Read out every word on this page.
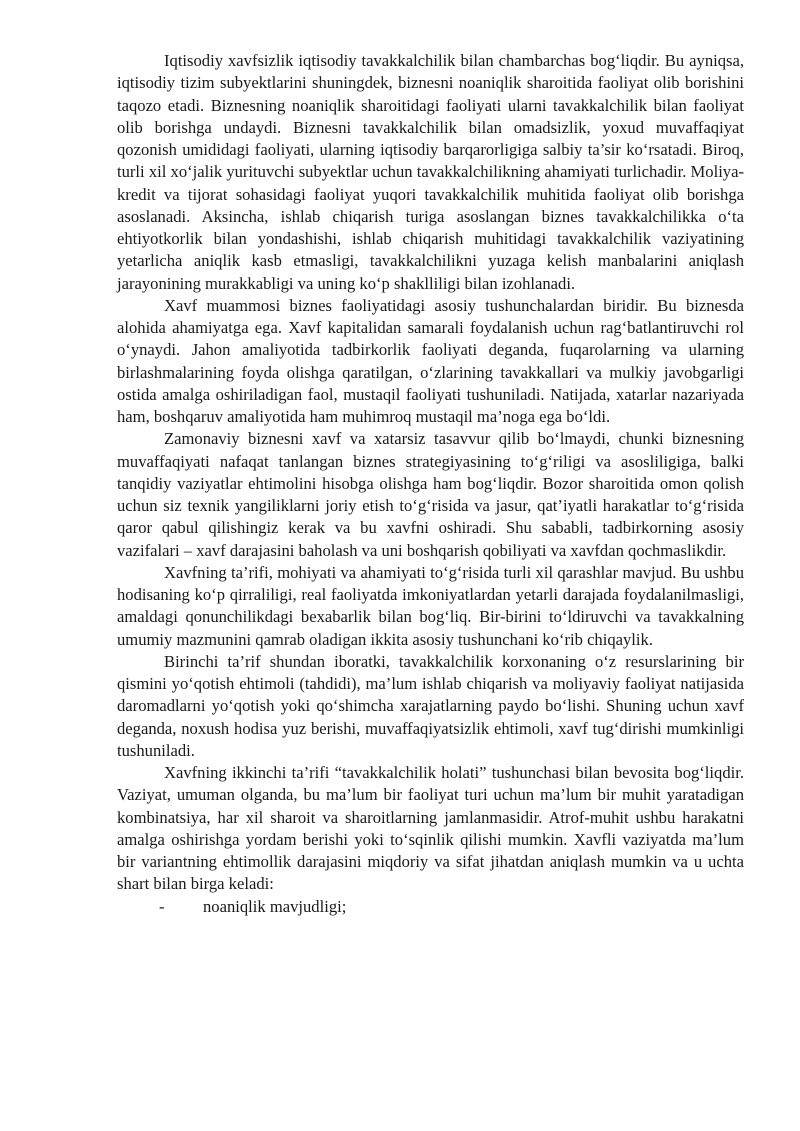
Iqtisodiy xavfsizlik iqtisodiy tavakkalchilik bilan chambarchas bog‘liqdir. Bu ayniqsa, iqtisodiy tizim subyektlarini shuningdek, biznesni noaniqlik sharoitida faoliyat olib borishini taqozo etadi. Biznesning noaniqlik sharoitidagi faoliyati ularni tavakkalchilik bilan faoliyat olib borishga undaydi. Biznesni tavakkalchilik bilan omadsizlik, yoxud muvaffaqiyat qozonish umididagi faoliyati, ularning iqtisodiy barqarorligiga salbiy ta’sir ko‘rsatadi. Biroq, turli xil xo‘jalik yurituvchi subyektlar uchun tavakkalchilikning ahamiyati turlichadir. Moliya-kredit va tijorat sohasidagi faoliyat yuqori tavakkalchilik muhitida faoliyat olib borishga asoslanadi. Aksincha, ishlab chiqarish turiga asoslangan biznes tavakkalchilikka o‘ta ehtiyotkorlik bilan yondashishi, ishlab chiqarish muhitidagi tavakkalchilik vaziyatining yetarlicha aniqlik kasb etmasligi, tavakkalchilikni yuzaga kelish manbalarini aniqlash jarayonining murakkabligi va uning ko‘p shaklliligi bilan izohlanadi.

Xavf muammosi biznes faoliyatidagi asosiy tushunchalardan biridir. Bu biznesda alohida ahamiyatga ega. Xavf kapitalidan samarali foydalanish uchun rag‘batlantiruvchi rol o‘ynaydi. Jahon amaliyotida tadbirkorlik faoliyati deganda, fuqarolarning va ularning birlashmalarining foyda olishga qaratilgan, o‘zlarining tavakkallari va mulkiy javobgarligi ostida amalga oshiriladigan faol, mustaqil faoliyati tushuniladi. Natijada, xatarlar nazariyada ham, boshqaruv amaliyotida ham muhimroq mustaqil ma’noga ega bo‘ldi.

Zamonaviy biznesni xavf va xatarsiz tasavvur qilib bo‘lmaydi, chunki biznesning muvaffaqiyati nafaqat tanlangan biznes strategiyasining to‘g‘riligi va asosliligiga, balki tanqidiy vaziyatlar ehtimolini hisobga olishga ham bog‘liqdir. Bozor sharoitida omon qolish uchun siz texnik yangiliklarni joriy etish to‘g‘risida va jasur, qat’iyatli harakatlar to‘g‘risida qaror qabul qilishingiz kerak va bu xavfni oshiradi. Shu sababli, tadbirkorning asosiy vazifalari – xavf darajasini baholash va uni boshqarish qobiliyati va xavfdan qochmaslikdir.

Xavfning ta’rifi, mohiyati va ahamiyati to‘g‘risida turli xil qarashlar mavjud. Bu ushbu hodisaning ko‘p qirraliligi, real faoliyatda imkoniyatlardan yetarli darajada foydalanilmasligi, amaldagi qonunchilikdagi bexabarlik bilan bog‘liq. Bir-birini to‘ldiruvchi va tavakkalning umumiy mazmunini qamrab oladigan ikkita asosiy tushunchani ko‘rib chiqaylik.

Birinchi ta’rif shundan iboratki, tavakkalchilik korxonaning o‘z resurslarining bir qismini yo‘qotish ehtimoli (tahdidi), ma’lum ishlab chiqarish va moliyaviy faoliyat natijasida daromadlarni yo‘qotish yoki qo‘shimcha xarajatlarning paydo bo‘lishi. Shuning uchun xavf deganda, noxush hodisa yuz berishi, muvaffaqiyatsizlik ehtimoli, xavf tug‘dirishi mumkinligi tushuniladi.

Xavfning ikkinchi ta’rifi “tavakkalchilik holati” tushunchasi bilan bevosita bog‘liqdir. Vaziyat, umuman olganda, bu ma’lum bir faoliyat turi uchun ma’lum bir muhit yaratadigan kombinatsiya, har xil sharoit va sharoitlarning jamlanmasidir. Atrof-muhit ushbu harakatni amalga oshirishga yordam berishi yoki to‘sqinlik qilishi mumkin. Xavfli vaziyatda ma’lum bir variantning ehtimollik darajasini miqdoriy va sifat jihatdan aniqlash mumkin va u uchta shart bilan birga keladi:

- noaniqlik mavjudligi;
